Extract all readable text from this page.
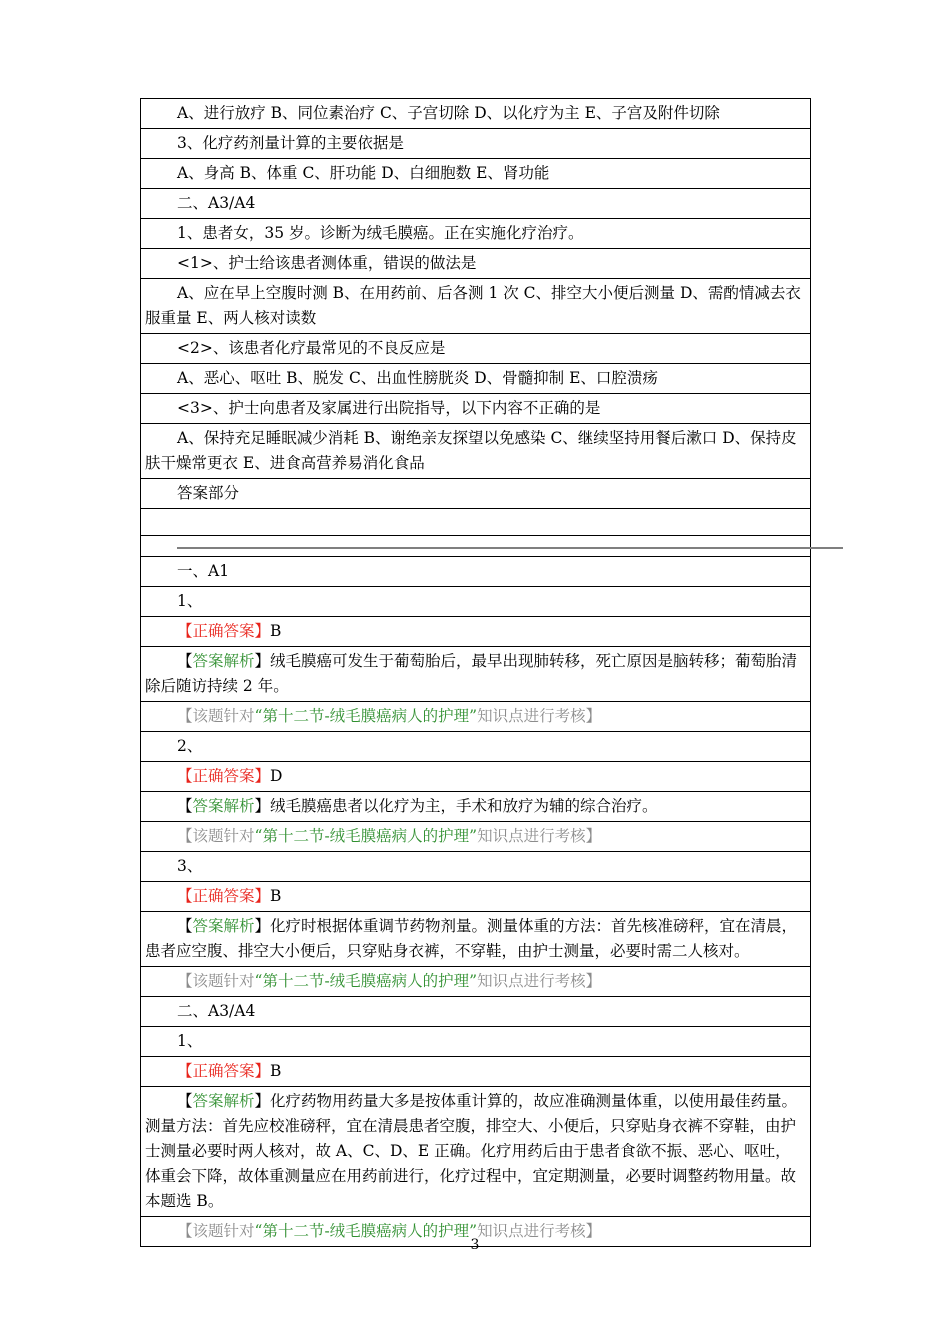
A、进行放疗 B、同位素治疗 C、子宫切除 D、以化疗为主 E、子宫及附件切除
3、化疗药剂量计算的主要依据是
A、身高 B、体重 C、肝功能 D、白细胞数 E、肾功能
二、A3/A4
1、患者女，35 岁。诊断为绒毛膜癌。正在实施化疗治疗。
<1>、护士给该患者测体重，错误的做法是
A、应在早上空腹时测 B、在用药前、后各测 1 次 C、排空大小便后测量 D、需酌情减去衣服重量 E、两人核对读数
<2>、该患者化疗最常见的不良反应是
A、恶心、呕吐 B、脱发 C、出血性膀胱炎 D、骨髓抑制 E、口腔溃疡
<3>、护士向患者及家属进行出院指导，以下内容不正确的是
A、保持充足睡眠减少消耗 B、谢绝亲友探望以免感染 C、继续坚持用餐后漱口 D、保持皮肤干燥常更衣 E、进食高营养易消化食品
答案部分

一、A1
1、
【正确答案】B
【答案解析】绒毛膜癌可发生于葡萄胎后，最早出现肺转移，死亡原因是脑转移；葡萄胎清除后随访持续 2 年。
【该题针对“第十二节-绒毛膜癌病人的护理”知识点进行考核】
2、
【正确答案】D
【答案解析】绒毛膜癌患者以化疗为主，手术和放疗为辅的综合治疗。
【该题针对“第十二节-绒毛膜癌病人的护理”知识点进行考核】
3、
【正确答案】B
【答案解析】化疗时根据体重调节药物剂量。测量体重的方法：首先核准磅秤，宜在清晨，患者应空腹、排空大小便后，只穿贴身衣裤，不穿鞋，由护士测量，必要时需二人核对。
【该题针对“第十二节-绒毛膜癌病人的护理”知识点进行考核】
二、A3/A4
1、
【正确答案】B
【答案解析】化疗药物用药量大多是按体重计算的，故应准确测量体重，以使用最佳药量。测量方法：首先应校准磅秤，宜在清晨患者空腹，排空大、小便后，只穿贴身衣裤不穿鞋，由护士测量必要时两人核对，故 A、C、D、E 正确。化疗用药后由于患者食欲不振、恶心、呕吐，体重会下降，故体重测量应在用药前进行，化疗过程中，宜定期测量，必要时调整药物用量。故本题选 B。
【该题针对“第十二节-绒毛膜癌病人的护理”知识点进行考核】
3
